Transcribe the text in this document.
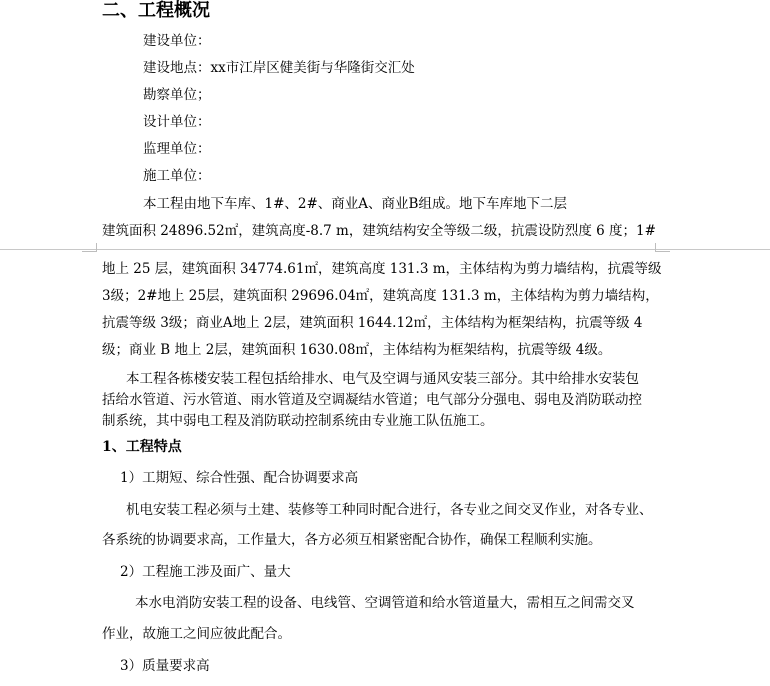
二、工程概况
建设单位：
建设地点：xx市江岸区健美街与华隆街交汇处
勘察单位；
设计单位：
监理单位：
施工单位：
本工程由地下车库、1#、2#、商业A、商业B组成。地下车库地下二层
建筑面积 24896.52㎡，建筑高度-8.7 m，建筑结构安全等级二级，抗震设防烈度 6 度；1#
地上 25 层，建筑面积 34774.61㎡，建筑高度 131.3 m，主体结构为剪力墙结构，抗震等级
3级；2#地上 25层，建筑面积 29696.04㎡，建筑高度 131.3 m，主体结构为剪力墙结构，
抗震等级 3级；商业A地上 2层，建筑面积 1644.12㎡，主体结构为框架结构，抗震等级 4
级；商业 B 地上 2层，建筑面积 1630.08㎡，主体结构为框架结构，抗震等级 4级。
本工程各栋楼安装工程包括给排水、电气及空调与通风安装三部分。其中给排水安装包
括给水管道、污水管道、雨水管道及空调凝结水管道；电气部分分强电、弱电及消防联动控
制系统，其中弱电工程及消防联动控制系统由专业施工队伍施工。
1、工程特点
1）工期短、综合性强、配合协调要求高
机电安装工程必须与土建、装修等工种同时配合进行，各专业之间交叉作业，对各专业、
各系统的协调要求高，工作量大，各方必须互相紧密配合协作，确保工程顺利实施。
2）工程施工涉及面广、量大
本水电消防安装工程的设备、电线管、空调管道和给水管道量大，需相互之间需交叉
作业，故施工之间应彼此配合。
3）质量要求高
